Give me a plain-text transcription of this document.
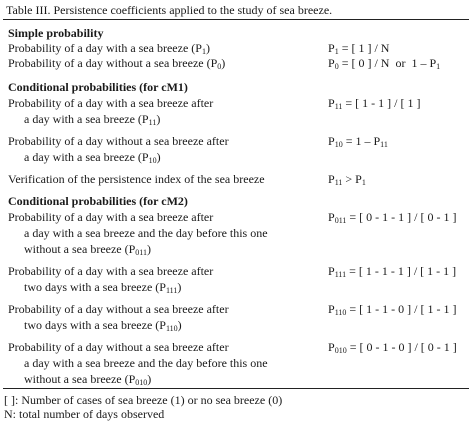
Table III. Persistence coefficients applied to the study of sea breeze.
Simple probability
Probability of a day with a sea breeze $(P_1)$	$P_1$ = [ 1 ] / N
Probability of a day without a sea breeze $(P_0)$	$P_0$ = [ 0 ] / N  or  $1 - P_1$
Conditional probabilities (for cM1)
Probability of a day with a sea breeze after
a day with a sea breeze $(P_{11})$
$P_{11}$ = [ 1 - 1 ] / [ 1 ]
Probability of a day without a sea breeze after
a day with a sea breeze $(P_{10})$
$P_{10} = 1 - P_{11}$
Verification of the persistence index of the sea breeze	$P_{11} > P_1$
Conditional probabilities (for cM2)
Probability of a day with a sea breeze after
a day with a sea breeze and the day before this one
without a sea breeze $(P_{011})$
$P_{011}$ = [ 0 - 1 - 1 ] / [ 0 - 1 ]
Probability of a day with a sea breeze after
two days with a sea breeze $(P_{111})$
$P_{111}$ = [ 1 - 1 - 1 ] / [ 1 - 1 ]
Probability of a day without a sea breeze after
two days with a sea breeze $(P_{110})$
$P_{110}$ = [ 1 - 1 - 0 ] / [ 1 - 1 ]
Probability of a day without a sea breeze after
a day with a sea breeze and the day before this one
without a sea breeze $(P_{010})$
$P_{010}$ = [ 0 - 1 - 0 ] / [ 0 - 1 ]
[ ]: Number of cases of sea breeze (1) or no sea breeze (0)
N: total number of days observed
